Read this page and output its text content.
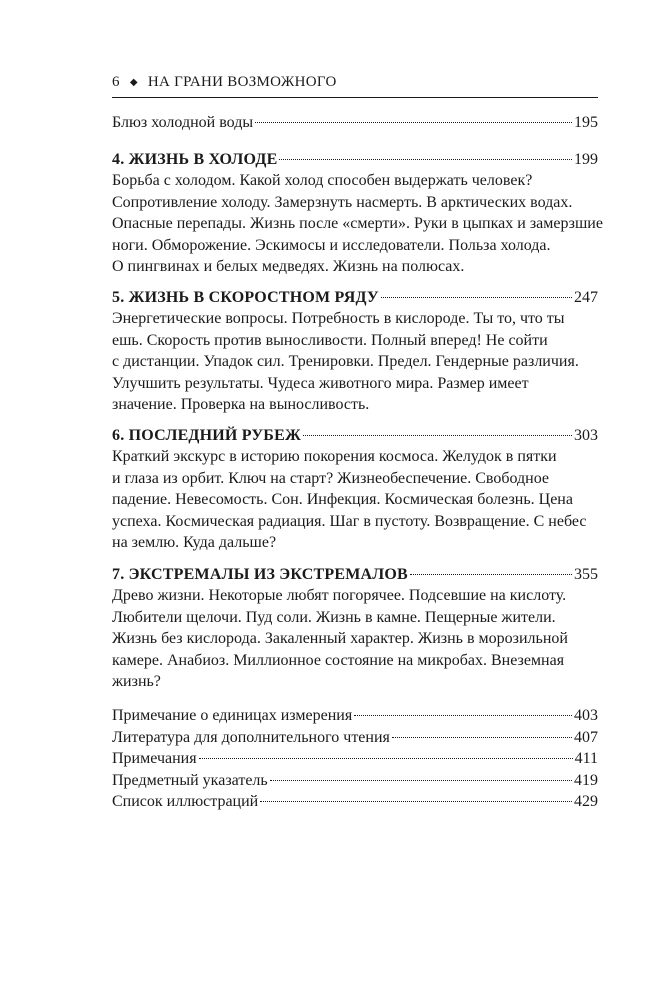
6 ◆ НА ГРАНИ ВОЗМОЖНОГО
Блюз холодной воды	195
4. ЖИЗНЬ В ХОЛОДЕ	199
Борьба с холодом. Какой холод способен выдержать человек?
Сопротивление холоду. Замерзнуть насмерть. В арктических водах.
Опасные перепады. Жизнь после «смерти». Руки в цыпках и замерзшие
ноги. Обморожение. Эскимосы и исследователи. Польза холода.
О пингвинах и белых медведях. Жизнь на полюсах.
5. ЖИЗНЬ В СКОРОСТНОМ РЯДУ	247
Энергетические вопросы. Потребность в кислороде. Ты то, что ты
ешь. Скорость против выносливости. Полный вперед! Не сойти
с дистанции. Упадок сил. Тренировки. Предел. Гендерные различия.
Улучшить результаты. Чудеса животного мира. Размер имеет
значение. Проверка на выносливость.
6. ПОСЛЕДНИЙ РУБЕЖ	303
Краткий экскурс в историю покорения космоса. Желудок в пятки
и глаза из орбит. Ключ на старт? Жизнеобеспечение. Свободное
падение. Невесомость. Сон. Инфекция. Космическая болезнь. Цена
успеха. Космическая радиация. Шаг в пустоту. Возвращение. С небес
на землю. Куда дальше?
7. ЭКСТРЕМАЛЫ ИЗ ЭКСТРЕМАЛОВ	355
Древо жизни. Некоторые любят погорячее. Подсевшие на кислоту.
Любители щелочи. Пуд соли. Жизнь в камне. Пещерные жители.
Жизнь без кислорода. Закаленный характер. Жизнь в морозильной
камере. Анабиоз. Миллионное состояние на микробах. Внеземная
жизнь?
Примечание о единицах измерения	403
Литература для дополнительного чтения	407
Примечания	411
Предметный указатель	419
Список иллюстраций	429
